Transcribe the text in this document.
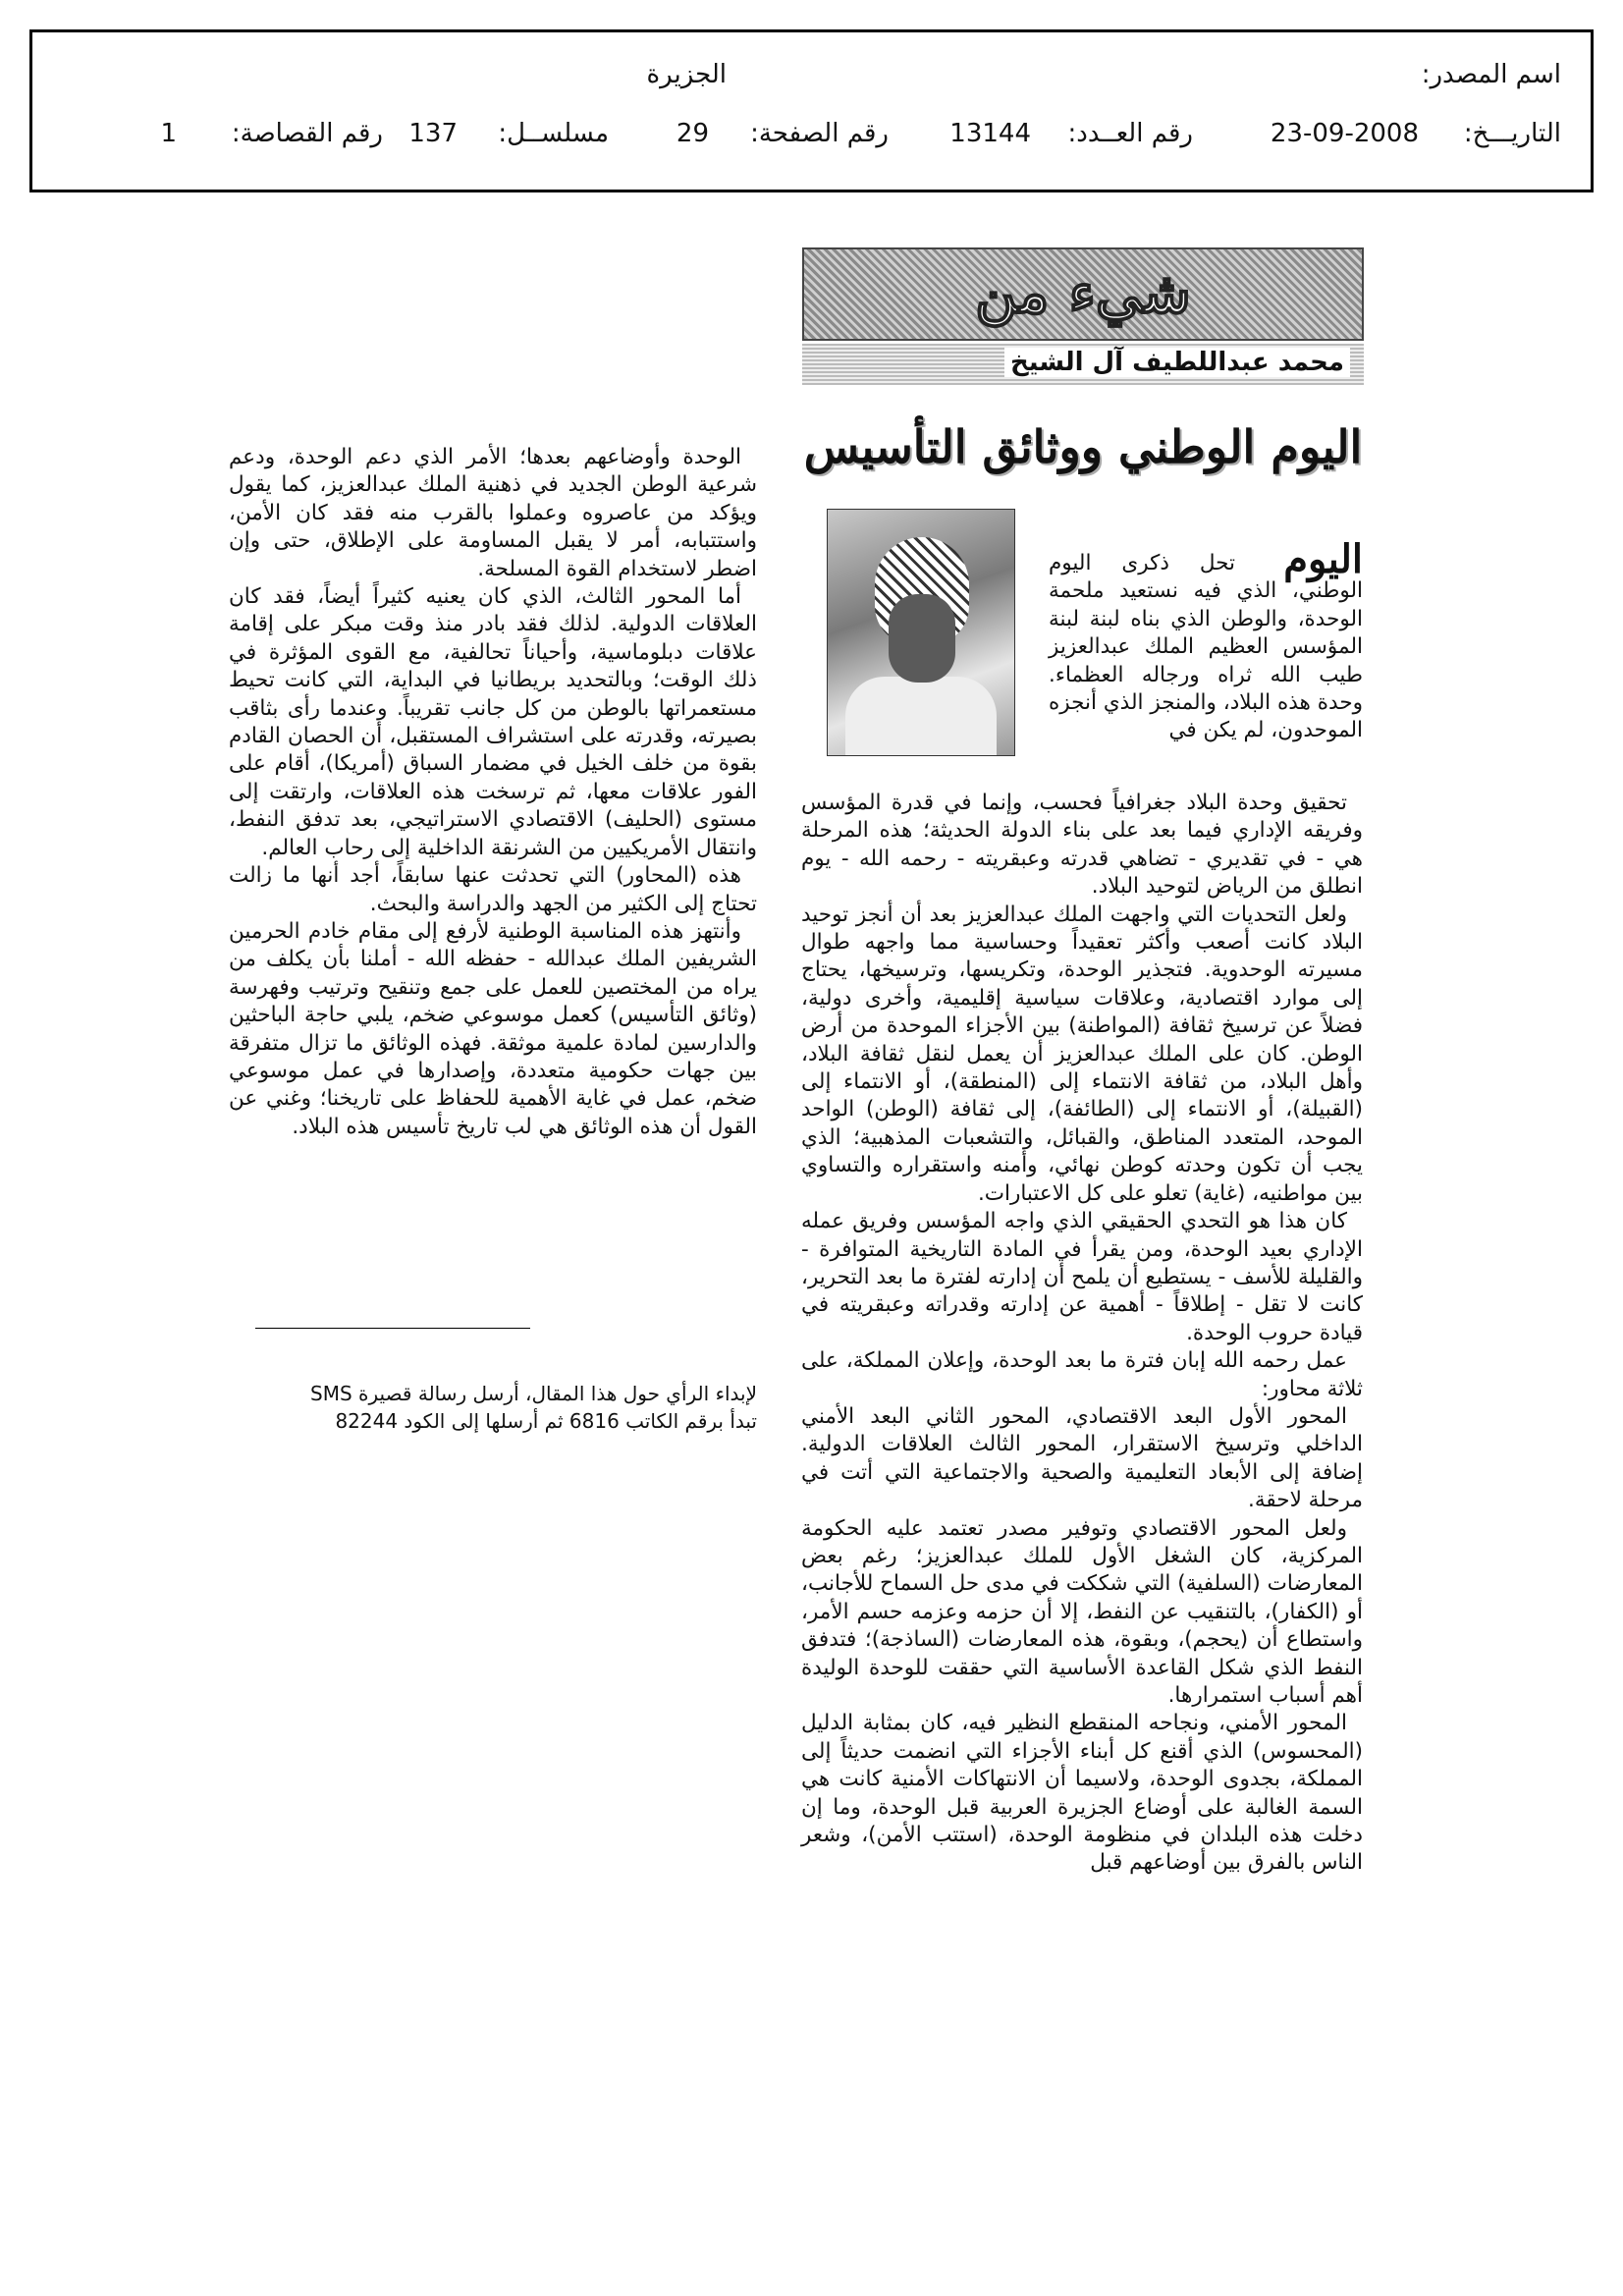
اسم المصدر:
الجزيرة
التاريـــخ:
23-09-2008
رقم العــدد:
13144
رقم الصفحة:
29
مسلســل:
137
رقم القصاصة:
1
شيء من
محمد عبداللطيف آل الشيخ
اليوم الوطني ووثائق التأسيس

تحل ذكرى اليوم الوطني، الذي فيه نستعيد ملحمة الوحدة، والوطن الذي بناه لبنة لبنة المؤسس العظيم الملك عبدالعزيز طيب الله ثراه ورجاله العظماء. وحدة هذه البلاد، والمنجز الذي أنجزه الموحدون، لم يكن في

اليوم

تحقيق وحدة البلاد جغرافياً فحسب، وإنما في قدرة المؤسس وفريقه الإداري فيما بعد على بناء الدولة الحديثة؛ هذه المرحلة هي - في تقديري - تضاهي قدرته وعبقريته - رحمه الله - يوم انطلق من الرياض لتوحيد البلاد.

ولعل التحديات التي واجهت الملك عبدالعزيز بعد أن أنجز توحيد البلاد كانت أصعب وأكثر تعقيداً وحساسية مما واجهه طوال مسيرته الوحدوية. فتجذير الوحدة، وتكريسها، وترسيخها، يحتاج إلى موارد اقتصادية، وعلاقات سياسية إقليمية، وأخرى دولية، فضلاً عن ترسيخ ثقافة (المواطنة) بين الأجزاء الموحدة من أرض الوطن. كان على الملك عبدالعزيز أن يعمل لنقل ثقافة البلاد، وأهل البلاد، من ثقافة الانتماء إلى (المنطقة)، أو الانتماء إلى (القبيلة)، أو الانتماء إلى (الطائفة)، إلى ثقافة (الوطن) الواحد الموحد، المتعدد المناطق، والقبائل، والتشعبات المذهبية؛ الذي يجب أن تكون وحدته كوطن نهائي، وأمنه واستقراره والتساوي بين مواطنيه، (غاية) تعلو على كل الاعتبارات.

كان هذا هو التحدي الحقيقي الذي واجه المؤسس وفريق عمله الإداري بعيد الوحدة، ومن يقرأ في المادة التاريخية المتوافرة - والقليلة للأسف - يستطيع أن يلمح أن إدارته لفترة ما بعد التحرير، كانت لا تقل - إطلاقاً - أهمية عن إدارته وقدراته وعبقريته في قيادة حروب الوحدة.

عمل رحمه الله إبان فترة ما بعد الوحدة، وإعلان المملكة، على ثلاثة محاور:

المحور الأول البعد الاقتصادي، المحور الثاني البعد الأمني الداخلي وترسيخ الاستقرار، المحور الثالث العلاقات الدولية. إضافة إلى الأبعاد التعليمية والصحية والاجتماعية التي أتت في مرحلة لاحقة.

ولعل المحور الاقتصادي وتوفير مصدر تعتمد عليه الحكومة المركزية، كان الشغل الأول للملك عبدالعزيز؛ رغم بعض المعارضات (السلفية) التي شككت في مدى حل السماح للأجانب، أو (الكفار)، بالتنقيب عن النفط، إلا أن حزمه وعزمه حسم الأمر، واستطاع أن (يحجم)، وبقوة، هذه المعارضات (الساذجة)؛ فتدفق النفط الذي شكل القاعدة الأساسية التي حققت للوحدة الوليدة أهم أسباب استمرارها.

المحور الأمني، ونجاحه المنقطع النظير فيه، كان بمثابة الدليل (المحسوس) الذي أقنع كل أبناء الأجزاء التي انضمت حديثاً إلى المملكة، بجدوى الوحدة، ولاسيما أن الانتهاكات الأمنية كانت هي السمة الغالبة على أوضاع الجزيرة العربية قبل الوحدة، وما إن دخلت هذه البلدان في منظومة الوحدة، (استتب الأمن)، وشعر الناس بالفرق بين أوضاعهم قبل

الوحدة وأوضاعهم بعدها؛ الأمر الذي دعم الوحدة، ودعم شرعية الوطن الجديد في ذهنية الملك عبدالعزيز، كما يقول ويؤكد من عاصروه وعملوا بالقرب منه فقد كان الأمن، واستتبابه، أمر لا يقبل المساومة على الإطلاق، حتى وإن اضطر لاستخدام القوة المسلحة.

أما المحور الثالث، الذي كان يعنيه كثيراً أيضاً، فقد كان العلاقات الدولية. لذلك فقد بادر منذ وقت مبكر على إقامة علاقات دبلوماسية، وأحياناً تحالفية، مع القوى المؤثرة في ذلك الوقت؛ وبالتحديد بريطانيا في البداية، التي كانت تحيط مستعمراتها بالوطن من كل جانب تقريباً. وعندما رأى بثاقب بصيرته، وقدرته على استشراف المستقبل، أن الحصان القادم بقوة من خلف الخيل في مضمار السباق (أمريكا)، أقام على الفور علاقات معها، ثم ترسخت هذه العلاقات، وارتقت إلى مستوى (الحليف) الاقتصادي الاستراتيجي، بعد تدفق النفط، وانتقال الأمريكيين من الشرنقة الداخلية إلى رحاب العالم.

هذه (المحاور) التي تحدثت عنها سابقاً، أجد أنها ما زالت تحتاج إلى الكثير من الجهد والدراسة والبحث.

وأنتهز هذه المناسبة الوطنية لأرفع إلى مقام خادم الحرمين الشريفين الملك عبدالله - حفظه الله - أملنا بأن يكلف من يراه من المختصين للعمل على جمع وتنقيح وترتيب وفهرسة (وثائق التأسيس) كعمل موسوعي ضخم، يلبي حاجة الباحثين والدارسين لمادة علمية موثقة. فهذه الوثائق ما تزال متفرقة بين جهات حكومية متعددة، وإصدارها في عمل موسوعي ضخم، عمل في غاية الأهمية للحفاظ على تاريخنا؛ وغني عن القول أن هذه الوثائق هي لب تاريخ تأسيس هذه البلاد.

لإبداء الرأي حول هذا المقال، أرسل رسالة قصيرة SMS
تبدأ برقم الكاتب 6816 ثم أرسلها إلى الكود 82244
